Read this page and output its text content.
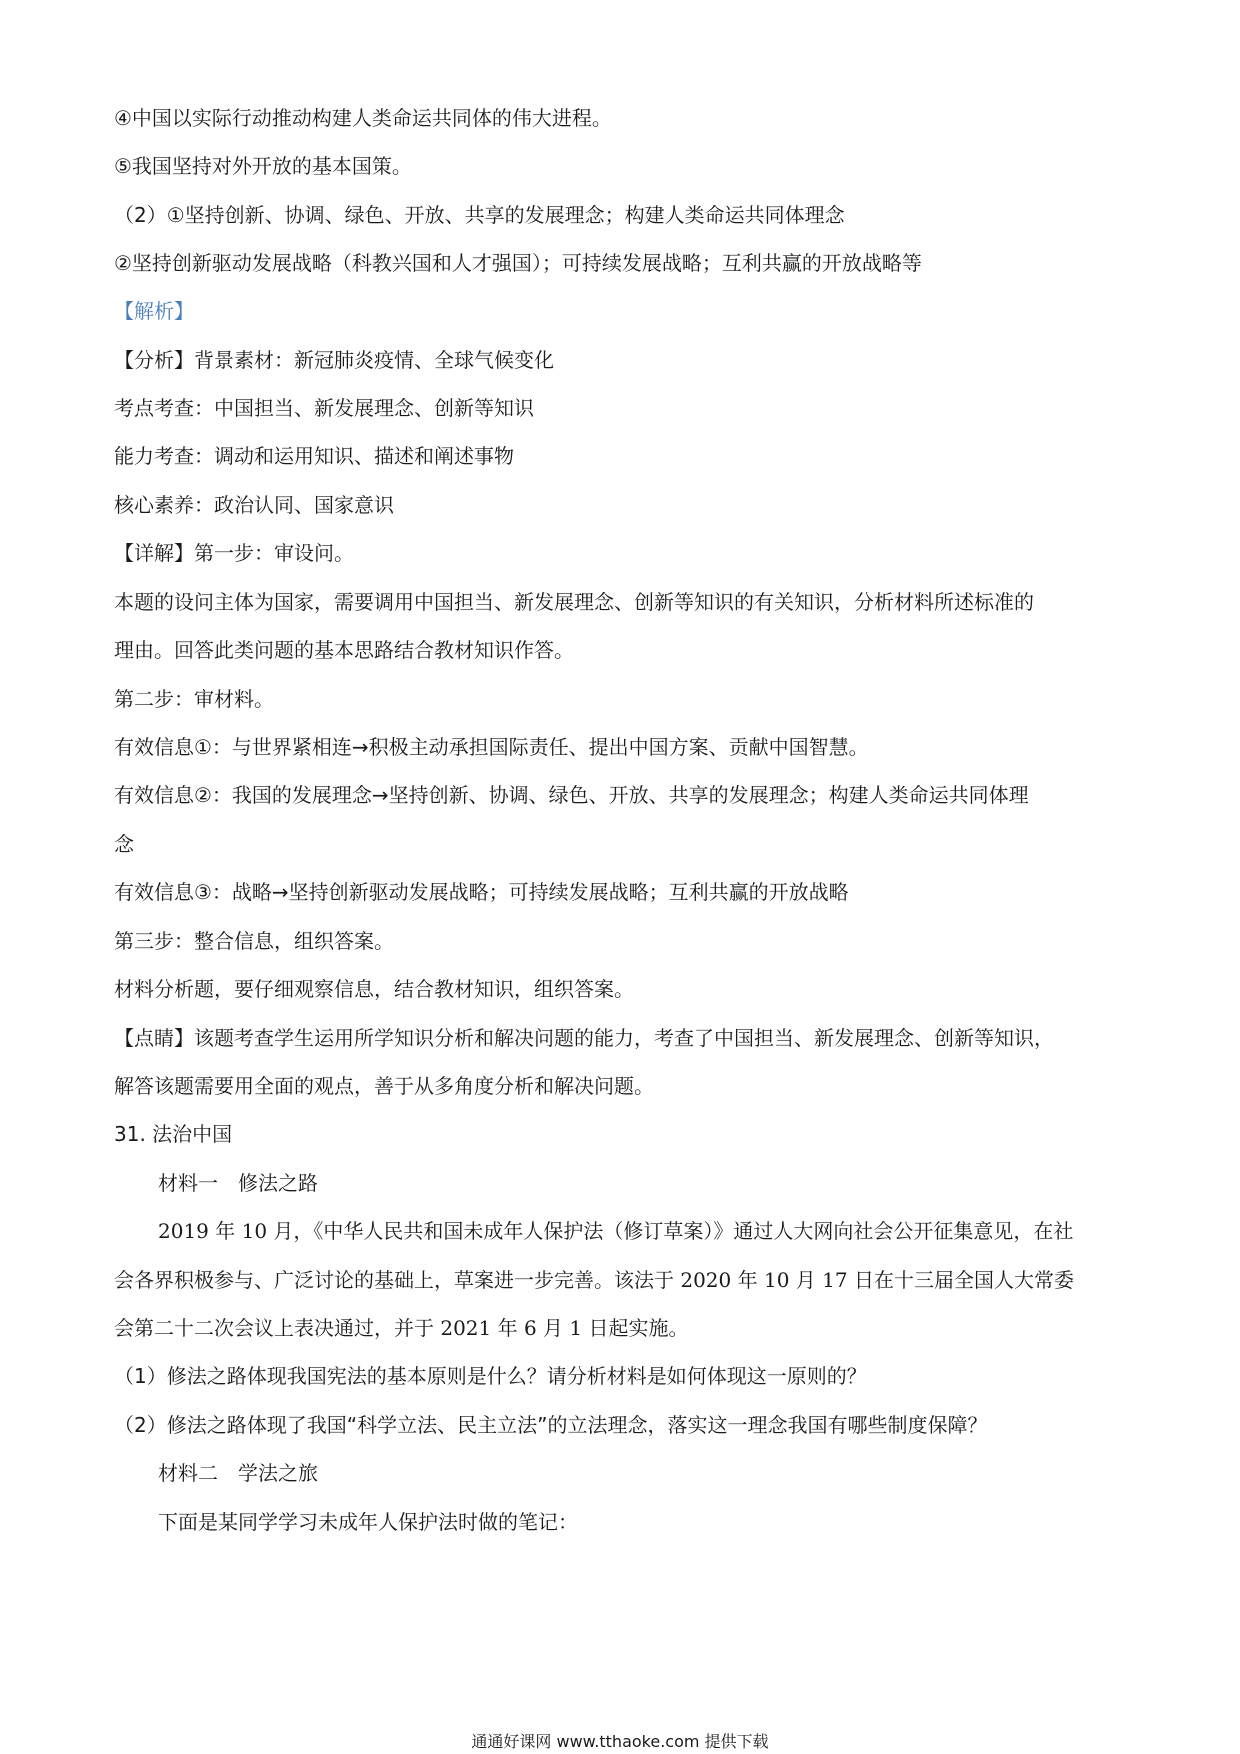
④中国以实际行动推动构建人类命运共同体的伟大进程。
⑤我国坚持对外开放的基本国策。
（2）①坚持创新、协调、绿色、开放、共享的发展理念；构建人类命运共同体理念
②坚持创新驱动发展战略（科教兴国和人才强国）；可持续发展战略；互利共赢的开放战略等
【解析】
【分析】背景素材：新冠肺炎疫情、全球气候变化
考点考查：中国担当、新发展理念、创新等知识
能力考查：调动和运用知识、描述和阐述事物
核心素养：政治认同、国家意识
【详解】第一步：审设问。
本题的设问主体为国家，需要调用中国担当、新发展理念、创新等知识的有关知识，分析材料所述标准的
理由。回答此类问题的基本思路结合教材知识作答。
第二步：审材料。
有效信息①：与世界紧相连→积极主动承担国际责任、提出中国方案、贡献中国智慧。
有效信息②：我国的发展理念→坚持创新、协调、绿色、开放、共享的发展理念；构建人类命运共同体理
念
有效信息③：战略→坚持创新驱动发展战略；可持续发展战略；互利共赢的开放战略
第三步：整合信息，组织答案。
材料分析题，要仔细观察信息，结合教材知识，组织答案。
【点睛】该题考查学生运用所学知识分析和解决问题的能力，考查了中国担当、新发展理念、创新等知识，
解答该题需要用全面的观点，善于从多角度分析和解决问题。
31. 法治中国
材料一　修法之路
2019 年 10 月，《中华人民共和国未成年人保护法（修订草案）》通过人大网向社会公开征集意见，在社
会各界积极参与、广泛讨论的基础上，草案进一步完善。该法于 2020 年 10 月 17 日在十三届全国人大常委
会第二十二次会议上表决通过，并于 2021 年 6 月 1 日起实施。
（1）修法之路体现我国宪法的基本原则是什么？请分析材料是如何体现这一原则的？
（2）修法之路体现了我国“科学立法、民主立法”的立法理念，落实这一理念我国有哪些制度保障？
材料二　学法之旅
下面是某同学学习未成年人保护法时做的笔记：
通通好课网 www.tthaoke.com 提供下载
